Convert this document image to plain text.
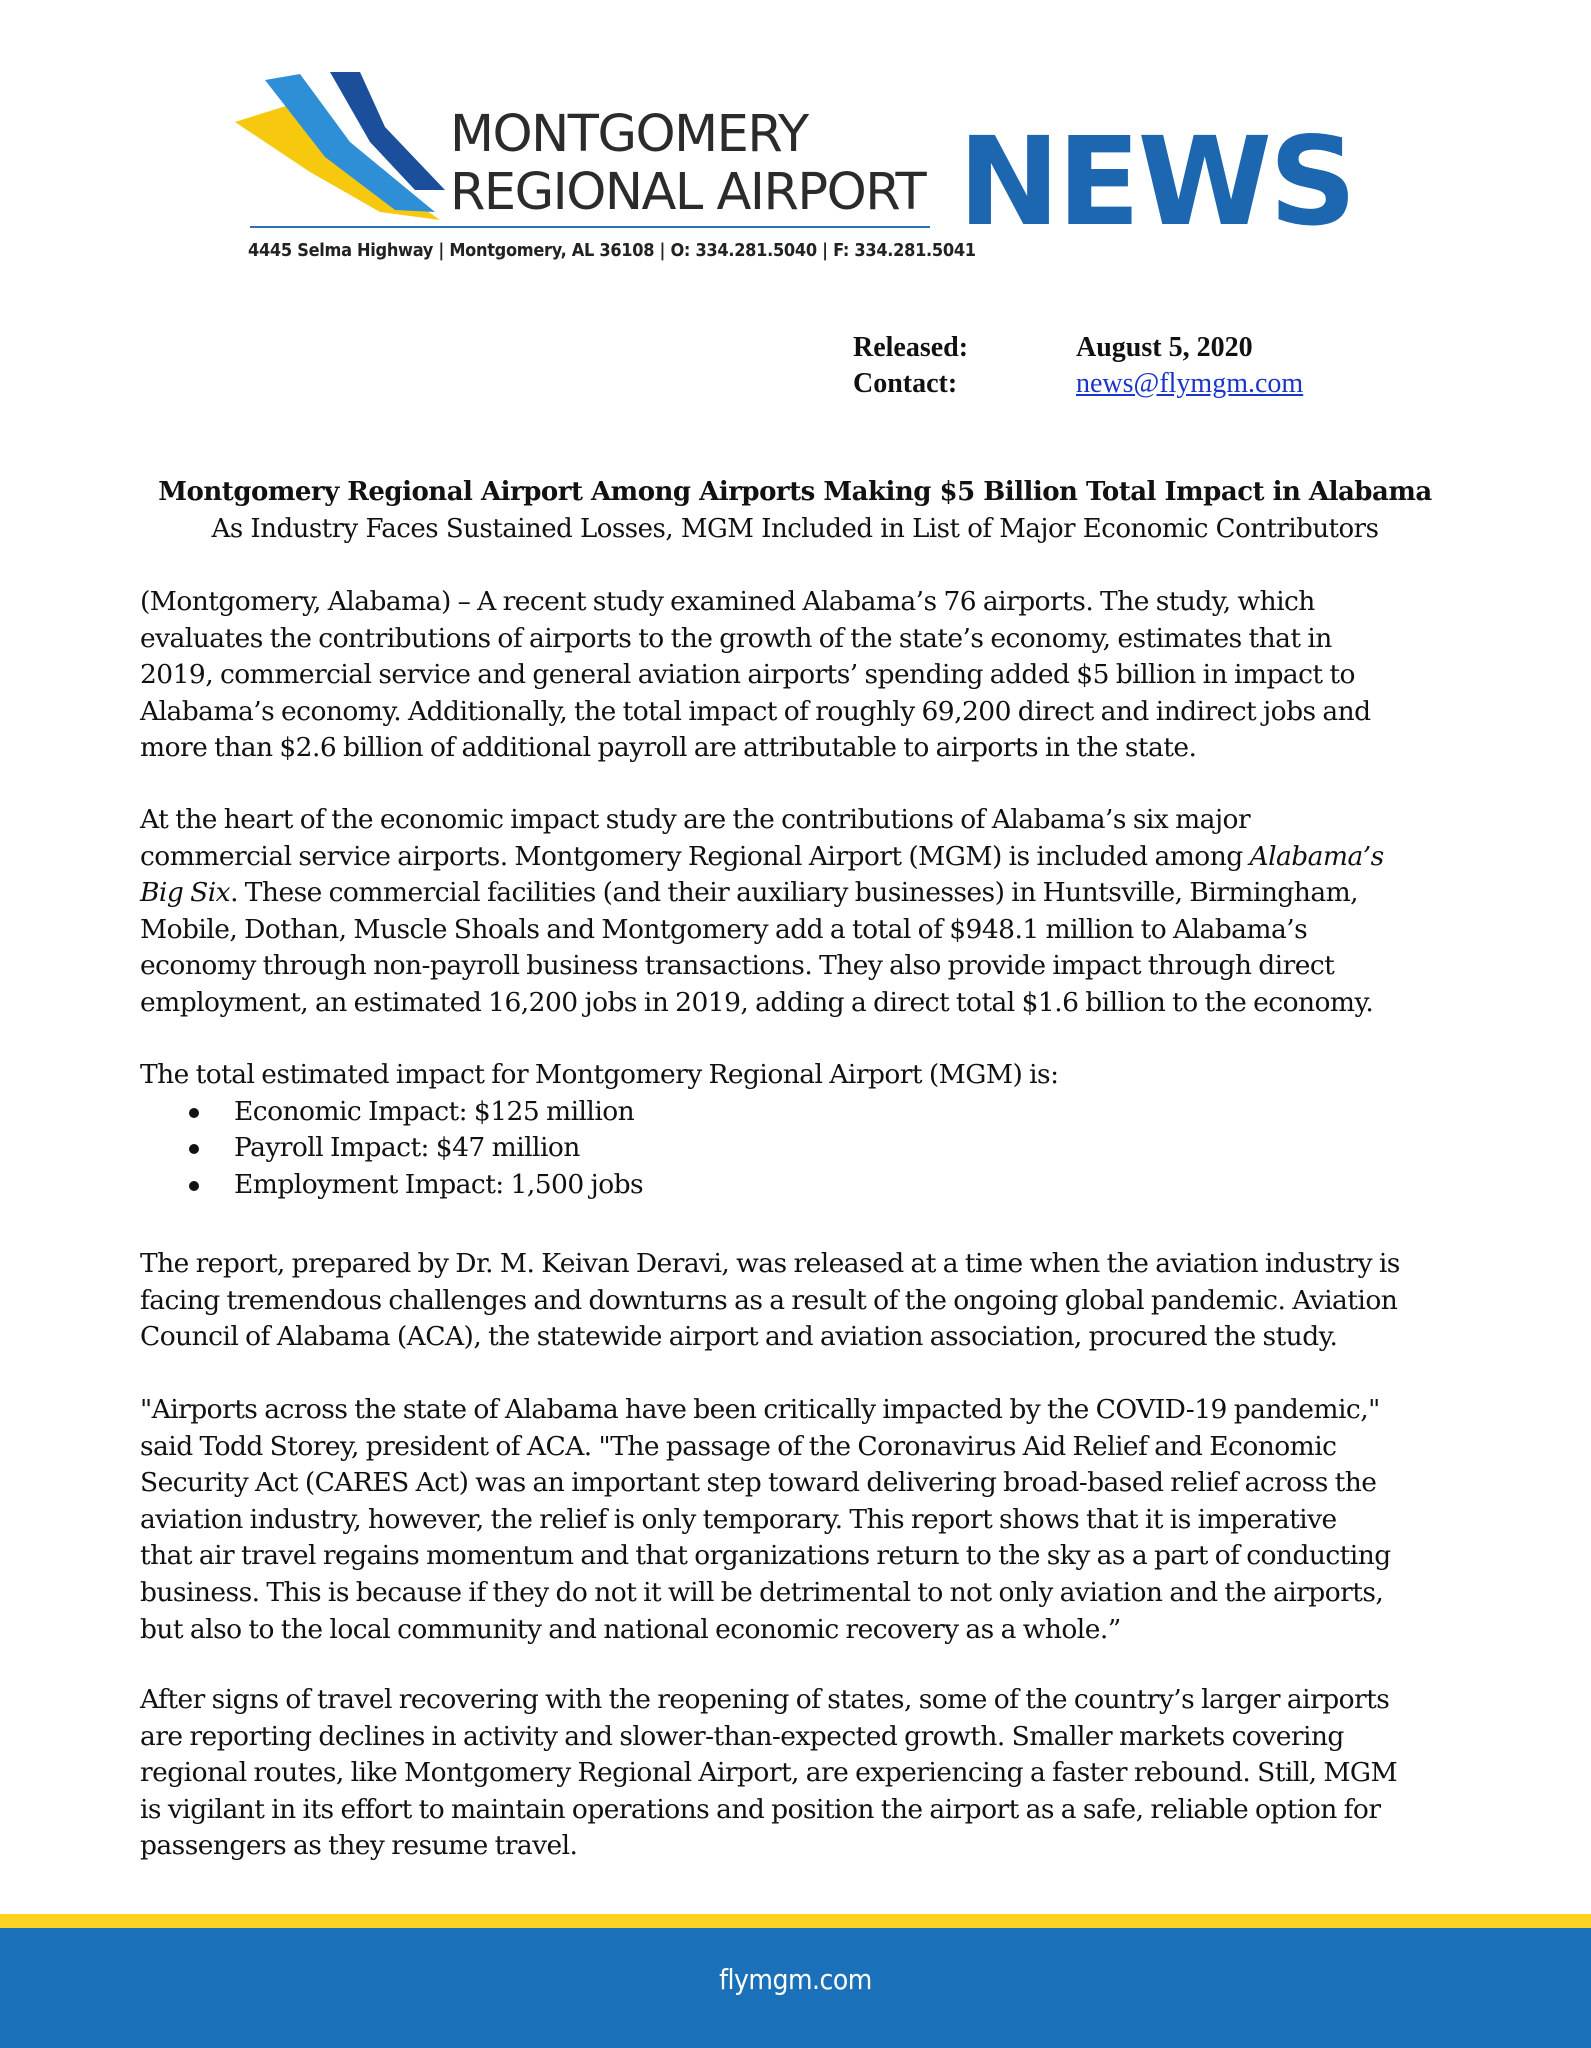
MONTGOMERY
REGIONAL AIRPORT NEWS
4445 Selma Highway | Montgomery, AL 36108 | O: 334.281.5040 | F: 334.281.5041
Released:	August 5, 2020
Contact:	news@flymgm.com
Montgomery Regional Airport Among Airports Making $5 Billion Total Impact in Alabama
As Industry Faces Sustained Losses, MGM Included in List of Major Economic Contributors
(Montgomery, Alabama) – A recent study examined Alabama’s 76 airports. The study, which
evaluates the contributions of airports to the growth of the state’s economy, estimates that in
2019, commercial service and general aviation airports’ spending added $5 billion in impact to
Alabama’s economy. Additionally, the total impact of roughly 69,200 direct and indirect jobs and
more than $2.6 billion of additional payroll are attributable to airports in the state.
At the heart of the economic impact study are the contributions of Alabama’s six major
commercial service airports. Montgomery Regional Airport (MGM) is included among Alabama’s
Big Six. These commercial facilities (and their auxiliary businesses) in Huntsville, Birmingham,
Mobile, Dothan, Muscle Shoals and Montgomery add a total of $948.1 million to Alabama’s
economy through non-payroll business transactions. They also provide impact through direct
employment, an estimated 16,200 jobs in 2019, adding a direct total $1.6 billion to the economy.
The total estimated impact for Montgomery Regional Airport (MGM) is:
Economic Impact: $125 million
Payroll Impact: $47 million
Employment Impact: 1,500 jobs
The report, prepared by Dr. M. Keivan Deravi, was released at a time when the aviation industry is
facing tremendous challenges and downturns as a result of the ongoing global pandemic. Aviation
Council of Alabama (ACA), the statewide airport and aviation association, procured the study.
"Airports across the state of Alabama have been critically impacted by the COVID-19 pandemic,"
said Todd Storey, president of ACA. "The passage of the Coronavirus Aid Relief and Economic
Security Act (CARES Act) was an important step toward delivering broad-based relief across the
aviation industry, however, the relief is only temporary. This report shows that it is imperative
that air travel regains momentum and that organizations return to the sky as a part of conducting
business. This is because if they do not it will be detrimental to not only aviation and the airports,
but also to the local community and national economic recovery as a whole.”
After signs of travel recovering with the reopening of states, some of the country’s larger airports
are reporting declines in activity and slower-than-expected growth. Smaller markets covering
regional routes, like Montgomery Regional Airport, are experiencing a faster rebound. Still, MGM
is vigilant in its effort to maintain operations and position the airport as a safe, reliable option for
passengers as they resume travel.
flymgm.com
